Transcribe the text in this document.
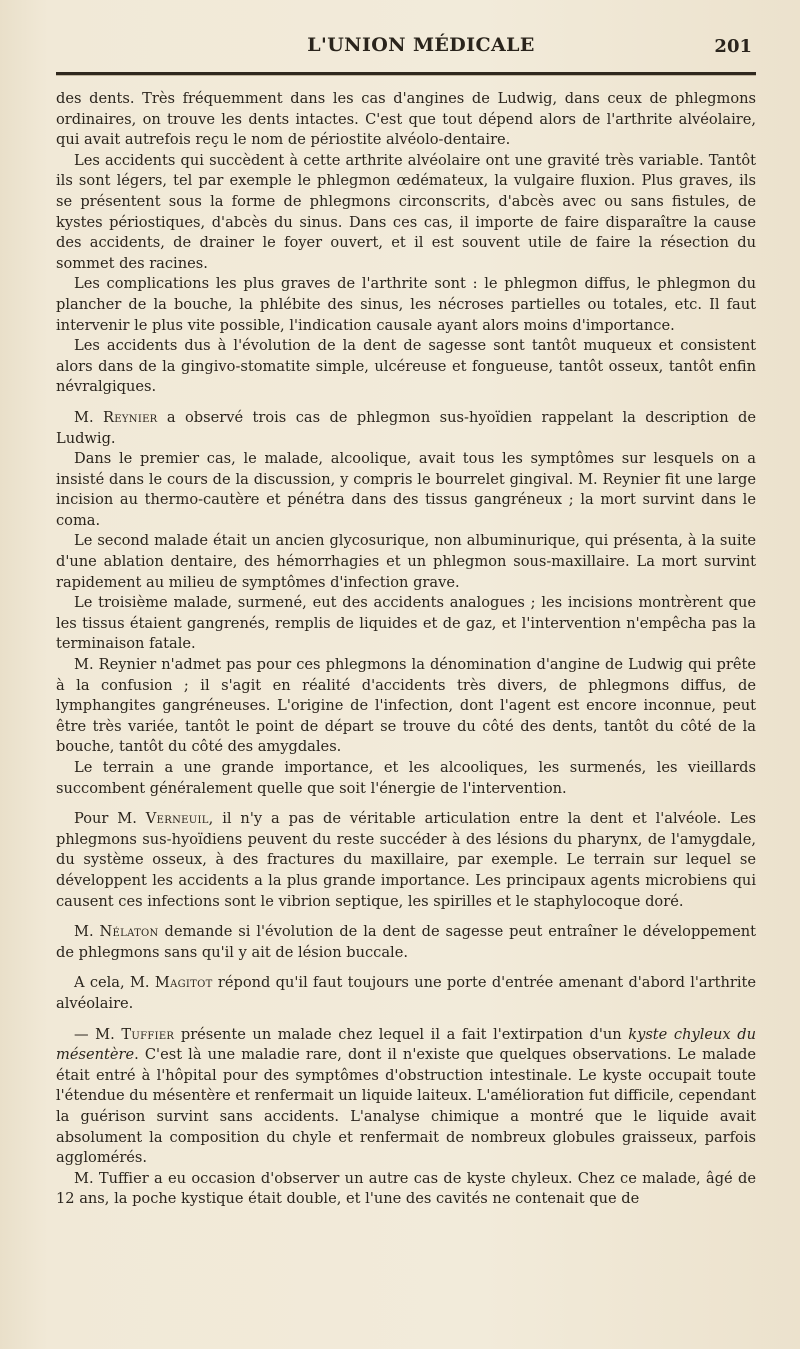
L'UNION MÉDICALE	201

des dents. Très fréquemment dans les cas d'angines de Ludwig, dans ceux de phlegmons ordinaires, on trouve les dents intactes. C'est que tout dépend alors de l'arthrite alvéolaire, qui avait autrefois reçu le nom de périostite alvéolo-dentaire.

Les accidents qui succèdent à cette arthrite alvéolaire ont une gravité très variable. Tantôt ils sont légers, tel par exemple le phlegmon œdémateux, la vulgaire fluxion. Plus graves, ils se présentent sous la forme de phlegmons circonscrits, d'abcès avec ou sans fistules, de kystes périostiques, d'abcès du sinus. Dans ces cas, il importe de faire disparaître la cause des accidents, de drainer le foyer ouvert, et il est souvent utile de faire la résection du sommet des racines.

Les complications les plus graves de l'arthrite sont : le phlegmon diffus, le phlegmon du plancher de la bouche, la phlébite des sinus, les nécroses partielles ou totales, etc. Il faut intervenir le plus vite possible, l'indication causale ayant alors moins d'importance.

Les accidents dus à l'évolution de la dent de sagesse sont tantôt muqueux et consistent alors dans de la gingivo-stomatite simple, ulcéreuse et fongueuse, tantôt osseux, tantôt enfin névralgiques.

M. Reynier a observé trois cas de phlegmon sus-hyoïdien rappelant la description de Ludwig.

Dans le premier cas, le malade, alcoolique, avait tous les symptômes sur lesquels on a insisté dans le cours de la discussion, y compris le bourrelet gingival. M. Reynier fit une large incision au thermo-cautère et pénétra dans des tissus gangréneux ; la mort survint dans le coma.

Le second malade était un ancien glycosurique, non albuminurique, qui présenta, à la suite d'une ablation dentaire, des hémorrhagies et un phlegmon sous-maxillaire. La mort survint rapidement au milieu de symptômes d'infection grave.

Le troisième malade, surmené, eut des accidents analogues ; les incisions montrèrent que les tissus étaient gangrenés, remplis de liquides et de gaz, et l'intervention n'empêcha pas la terminaison fatale.

M. Reynier n'admet pas pour ces phlegmons la dénomination d'angine de Ludwig qui prête à la confusion ; il s'agit en réalité d'accidents très divers, de phlegmons diffus, de lymphangites gangréneuses. L'origine de l'infection, dont l'agent est encore inconnue, peut être très variée, tantôt le point de départ se trouve du côté des dents, tantôt du côté de la bouche, tantôt du côté des amygdales.

Le terrain a une grande importance, et les alcooliques, les surmenés, les vieillards succombent généralement quelle que soit l'énergie de l'intervention.

Pour M. Verneuil, il n'y a pas de véritable articulation entre la dent et l'alvéole. Les phlegmons sus-hyoïdiens peuvent du reste succéder à des lésions du pharynx, de l'amygdale, du système osseux, à des fractures du maxillaire, par exemple. Le terrain sur lequel se développent les accidents a la plus grande importance. Les principaux agents microbiens qui causent ces infections sont le vibrion septique, les spirilles et le staphylocoque doré.

M. Nélaton demande si l'évolution de la dent de sagesse peut entraîner le développement de phlegmons sans qu'il y ait de lésion buccale.

A cela, M. Magitot répond qu'il faut toujours une porte d'entrée amenant d'abord l'arthrite alvéolaire.

— M. Tuffier présente un malade chez lequel il a fait l'extirpation d'un kyste chyleux du mésentère. C'est là une maladie rare, dont il n'existe que quelques observations. Le malade était entré à l'hôpital pour des symptômes d'obstruction intestinale. Le kyste occupait toute l'étendue du mésentère et renfermait un liquide laiteux. L'amélioration fut difficile, cependant la guérison survint sans accidents. L'analyse chimique a montré que le liquide avait absolument la composition du chyle et renfermait de nombreux globules graisseux, parfois agglomérés.

M. Tuffier a eu occasion d'observer un autre cas de kyste chyleux. Chez ce malade, âgé de 12 ans, la poche kystique était double, et l'une des cavités ne contenait que de
